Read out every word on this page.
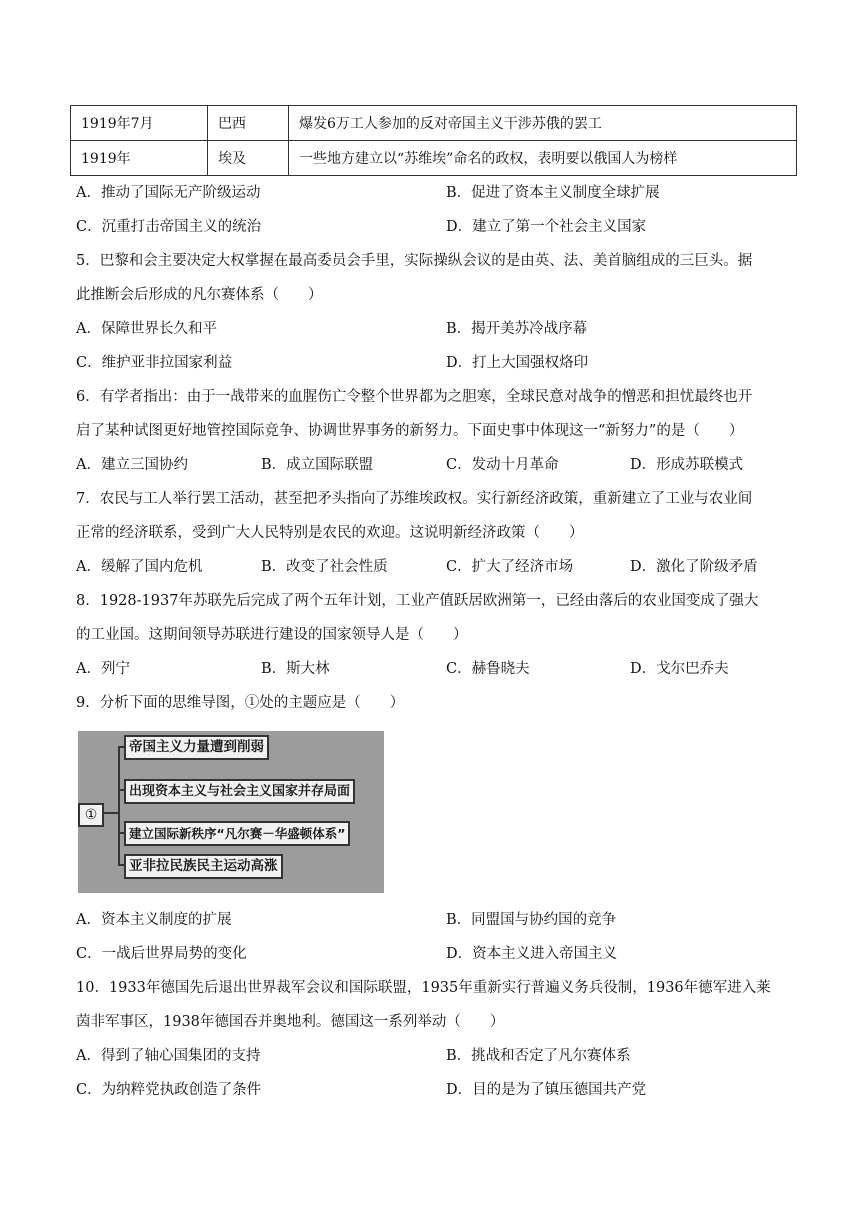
1919年7月	巴西	爆发6万工人参加的反对帝国主义干涉苏俄的罢工
1919年	埃及	一些地方建立以“苏维埃”命名的政权，表明要以俄国人为榜样
A．推动了国际无产阶级运动	B．促进了资本主义制度全球扩展
C．沉重打击帝国主义的统治	D．建立了第一个社会主义国家
5．巴黎和会主要决定大权掌握在最高委员会手里，实际操纵会议的是由英、法、美首脑组成的三巨头。据
此推断会后形成的凡尔赛体系（　　）
A．保障世界长久和平	B．揭开美苏冷战序幕
C．维护亚非拉国家利益	D．打上大国强权烙印
6．有学者指出：由于一战带来的血腥伤亡令整个世界都为之胆寒，全球民意对战争的憎恶和担忧最终也开
启了某种试图更好地管控国际竞争、协调世界事务的新努力。下面史事中体现这一“新努力”的是（　　）
A．建立三国协约	B．成立国际联盟	C．发动十月革命	D．形成苏联模式
7．农民与工人举行罢工活动，甚至把矛头指向了苏维埃政权。实行新经济政策，重新建立了工业与农业间
正常的经济联系，受到广大人民特别是农民的欢迎。这说明新经济政策（　　）
A．缓解了国内危机	B．改变了社会性质	C．扩大了经济市场	D．激化了阶级矛盾
8．1928-1937年苏联先后完成了两个五年计划，工业产值跃居欧洲第一，已经由落后的农业国变成了强大
的工业国。这期间领导苏联进行建设的国家领导人是（　　）
A．列宁	B．斯大林	C．赫鲁晓夫	D．戈尔巴乔夫
9．分析下面的思维导图，①处的主题应是（　　）
①
帝国主义力量遭到削弱
出现资本主义与社会主义国家并存局面
建立国际新秩序“凡尔赛－华盛顿体系”
亚非拉民族民主运动高涨
A．资本主义制度的扩展	B．同盟国与协约国的竞争
C．一战后世界局势的变化	D．资本主义进入帝国主义
10．1933年德国先后退出世界裁军会议和国际联盟，1935年重新实行普遍义务兵役制，1936年德军进入莱
茵非军事区，1938年德国吞并奥地利。德国这一系列举动（　　）
A．得到了轴心国集团的支持	B．挑战和否定了凡尔赛体系
C．为纳粹党执政创造了条件	D．目的是为了镇压德国共产党
